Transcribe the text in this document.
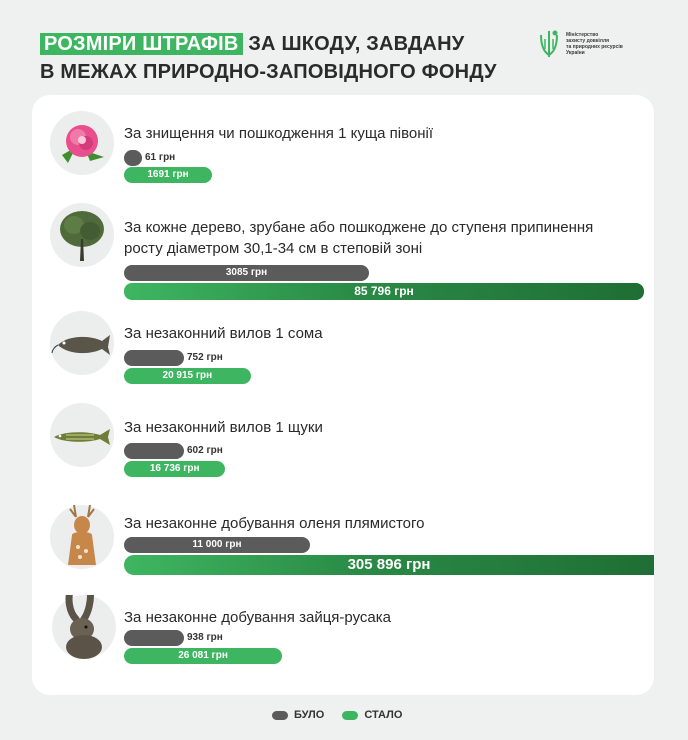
РОЗМІРИ ШТРАФІВ ЗА ШКОДУ, ЗАВДАНУ
В МЕЖАХ ПРИРОДНО-ЗАПОВІДНОГО ФОНДУ
Міністерство
захисту довкілля
та природних ресурсів
України
За знищення чи пошкодження 1 куща півонії
За кожне дерево, зрубане або пошкоджене до ступеня припинення росту діаметром 30,1-34 см в степовій зоні
За незаконний вилов 1 сома
За незаконний вилов 1 щуки
За незаконне добування оленя плямистого
За незаконне добування зайця-русака
61 грн
1691 грн
3085 грн
85 796 грн
752 грн
20 915 грн
602 грн
16 736 грн
11 000 грн
305 896 грн
938 грн
26 081 грн
БУЛО	СТАЛО
